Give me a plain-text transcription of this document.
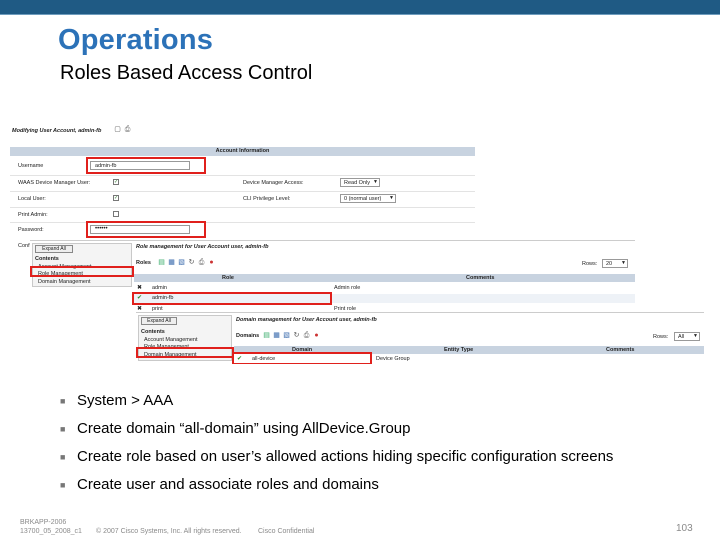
Operations
Roles Based Access Control
Modifying User Account, admin-fb ▢ ⎙
Account Information
Username	admin-fb
WAAS Device Manager User:	✓	Device Manager Access:	Read Only ▼
Local User:	✓	CLI Privilege Level:	0 (normal user) ▼
Print Admin:
Password:	••••••
Conf	Expand All
Contents
Account Management
Role Management
Domain Management
Role management for User Account user, admin-fb
Roles ▤ ▦ ▧ ↻ ⎙ ●	Rows: 20 ▼
Role	Comments
✖ admin	Admin role
✔ admin-fb
✖ print	Print role
Expand All
Contents
Account Management
Role Management
Domain Management
Domain management for User Account user, admin-fb
Domains ▤ ▦ ▧ ↻ ⎙ ●	Rows: All ▼
Domain	Entity Type	Comments
✔ all-device	Device Group
■ System > AAA
■ Create domain “all-domain” using AllDevice.Group
■ Create role based on user’s allowed actions hiding specific configuration screens
■ Create user and associate roles and domains
BRKAPP-2006
13700_05_2008_c1 © 2007 Cisco Systems, Inc. All rights reserved. Cisco Confidential	103
